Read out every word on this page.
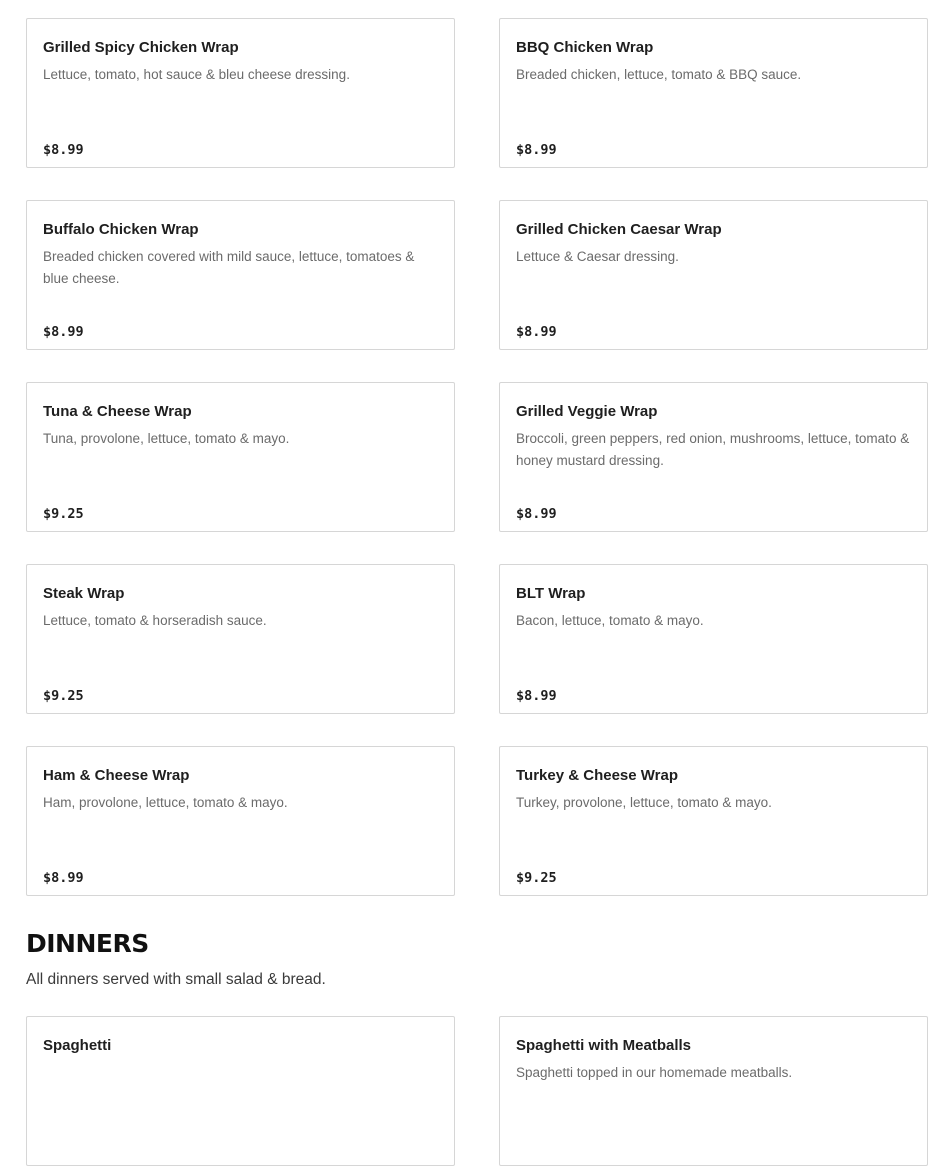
Grilled Spicy Chicken Wrap
Lettuce, tomato, hot sauce & bleu cheese dressing.
$8.99
BBQ Chicken Wrap
Breaded chicken, lettuce, tomato & BBQ sauce.
$8.99
Buffalo Chicken Wrap
Breaded chicken covered with mild sauce, lettuce, tomatoes & blue cheese.
$8.99
Grilled Chicken Caesar Wrap
Lettuce & Caesar dressing.
$8.99
Tuna & Cheese Wrap
Tuna, provolone, lettuce, tomato & mayo.
$9.25
Grilled Veggie Wrap
Broccoli, green peppers, red onion, mushrooms, lettuce, tomato & honey mustard dressing.
$8.99
Steak Wrap
Lettuce, tomato & horseradish sauce.
$9.25
BLT Wrap
Bacon, lettuce, tomato & mayo.
$8.99
Ham & Cheese Wrap
Ham, provolone, lettuce, tomato & mayo.
$8.99
Turkey & Cheese Wrap
Turkey, provolone, lettuce, tomato & mayo.
$9.25
DINNERS
All dinners served with small salad & bread.
Spaghetti	Spaghetti with Meatballs
Spaghetti topped in our homemade meatballs.
